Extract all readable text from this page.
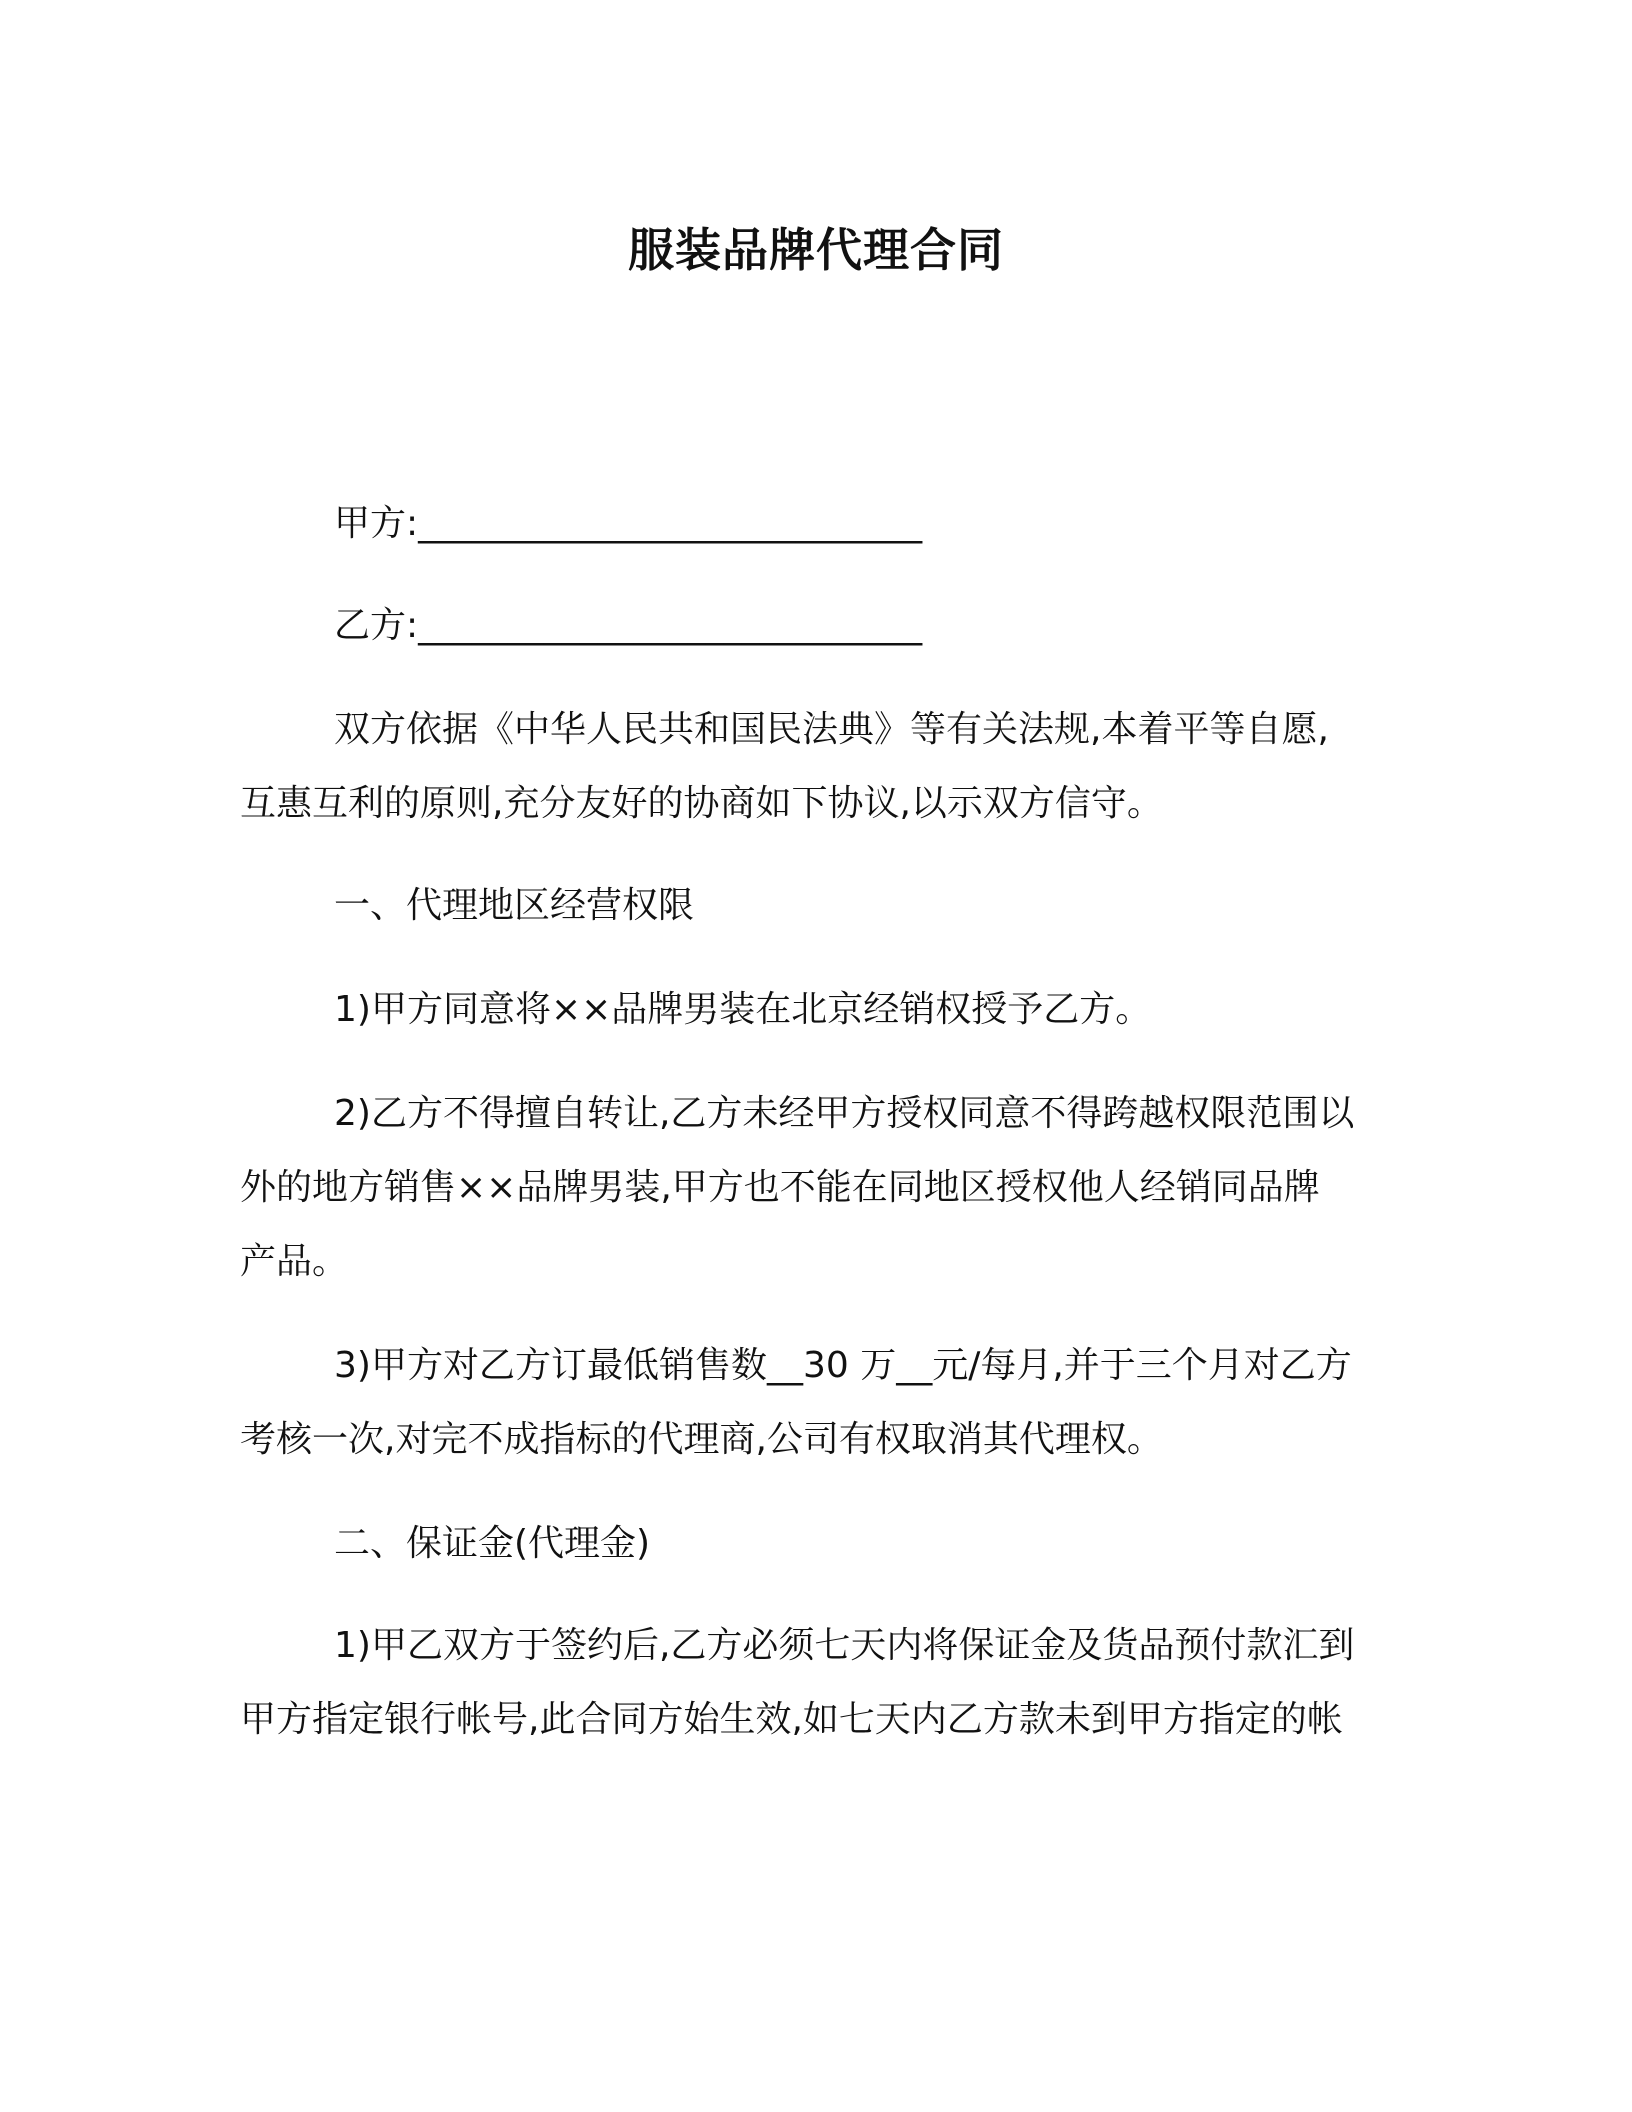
服装品牌代理合同

甲方:____________________________

乙方:____________________________

双方依据《中华人民共和国民法典》等有关法规,本着平等自愿,

互惠互利的原则,充分友好的协商如下协议,以示双方信守。

一、代理地区经营权限

1)甲方同意将××品牌男装在北京经销权授予乙方。

2)乙方不得擅自转让,乙方未经甲方授权同意不得跨越权限范围以

外的地方销售××品牌男装,甲方也不能在同地区授权他人经销同品牌

产品。

3)甲方对乙方订最低销售数__30 万__元/每月,并于三个月对乙方

考核一次,对完不成指标的代理商,公司有权取消其代理权。

二、保证金(代理金)

1)甲乙双方于签约后,乙方必须七天内将保证金及货品预付款汇到

甲方指定银行帐号,此合同方始生效,如七天内乙方款未到甲方指定的帐
